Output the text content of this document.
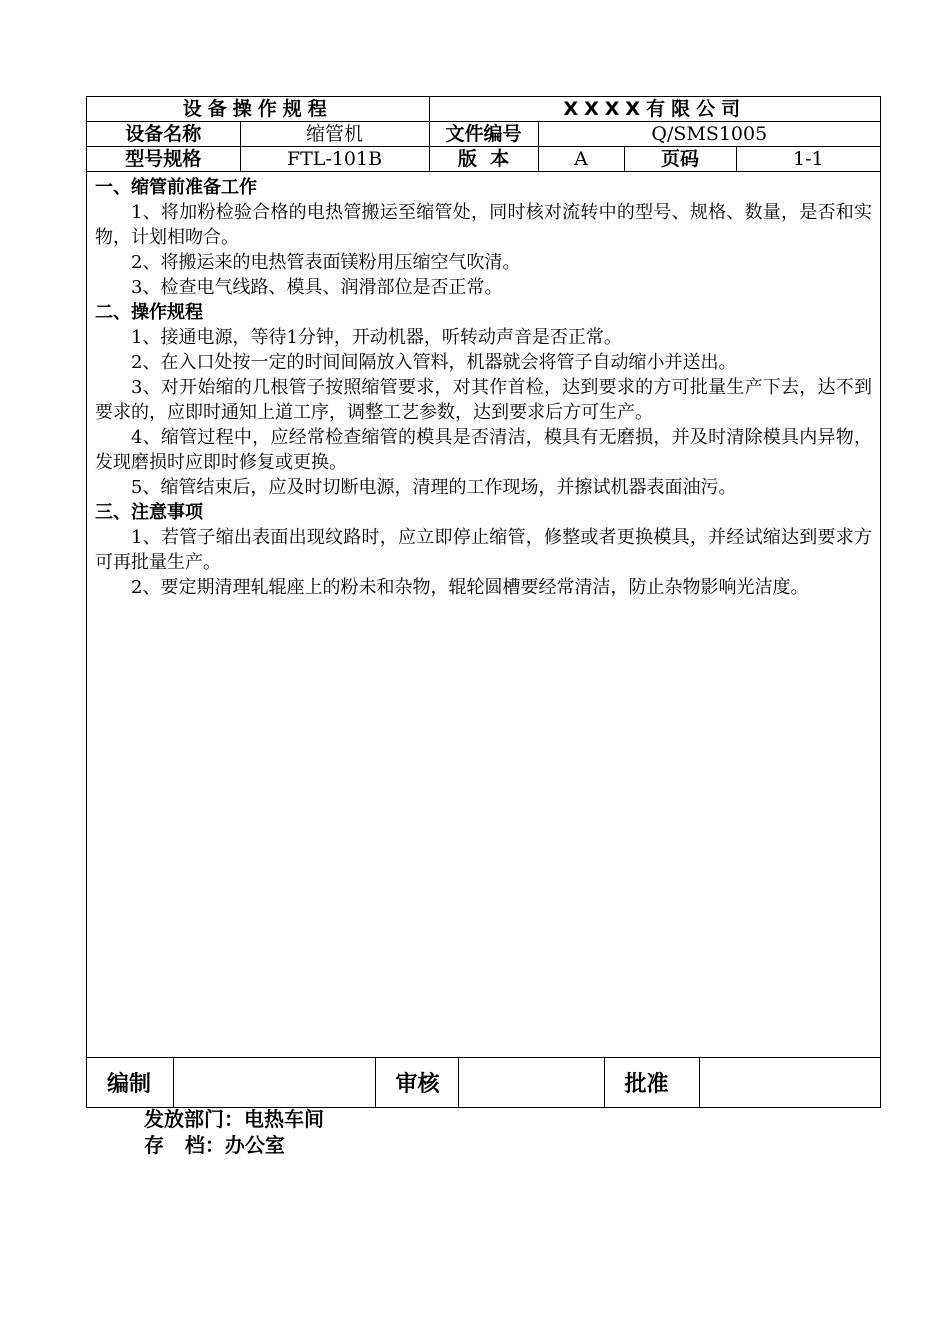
设备操作规程		XXXX有限公司			
设备名称	缩管机	文件编号	Q/SMS1005		
型号规格	FTL-101B	版  本	A	页码	1-1

一、缩管前准备工作

1、将加粉检验合格的电热管搬运至缩管处，同时核对流转中的型号、规格、数量，是否和实物，计划相吻合。

2、将搬运来的电热管表面镁粉用压缩空气吹清。

3、检查电气线路、模具、润滑部位是否正常。

二、操作规程

1、接通电源，等待1分钟，开动机器，听转动声音是否正常。

2、在入口处按一定的时间间隔放入管料，机器就会将管子自动缩小并送出。

3、对开始缩的几根管子按照缩管要求，对其作首检，达到要求的方可批量生产下去，达不到要求的，应即时通知上道工序，调整工艺参数，达到要求后方可生产。

4、缩管过程中，应经常检查缩管的模具是否清洁，模具有无磨损，并及时清除模具内异物，发现磨损时应即时修复或更换。

5、缩管结束后，应及时切断电源，清理的工作现场，并擦试机器表面油污。

三、注意事项

1、若管子缩出表面出现纹路时，应立即停止缩管，修整或者更换模具，并经试缩达到要求方可再批量生产。

2、要定期清理轧辊座上的粉未和杂物，辊轮圆槽要经常清洁，防止杂物影响光洁度。

编制		审核		批准	
发放部门：电热车间
存   档：办公室
